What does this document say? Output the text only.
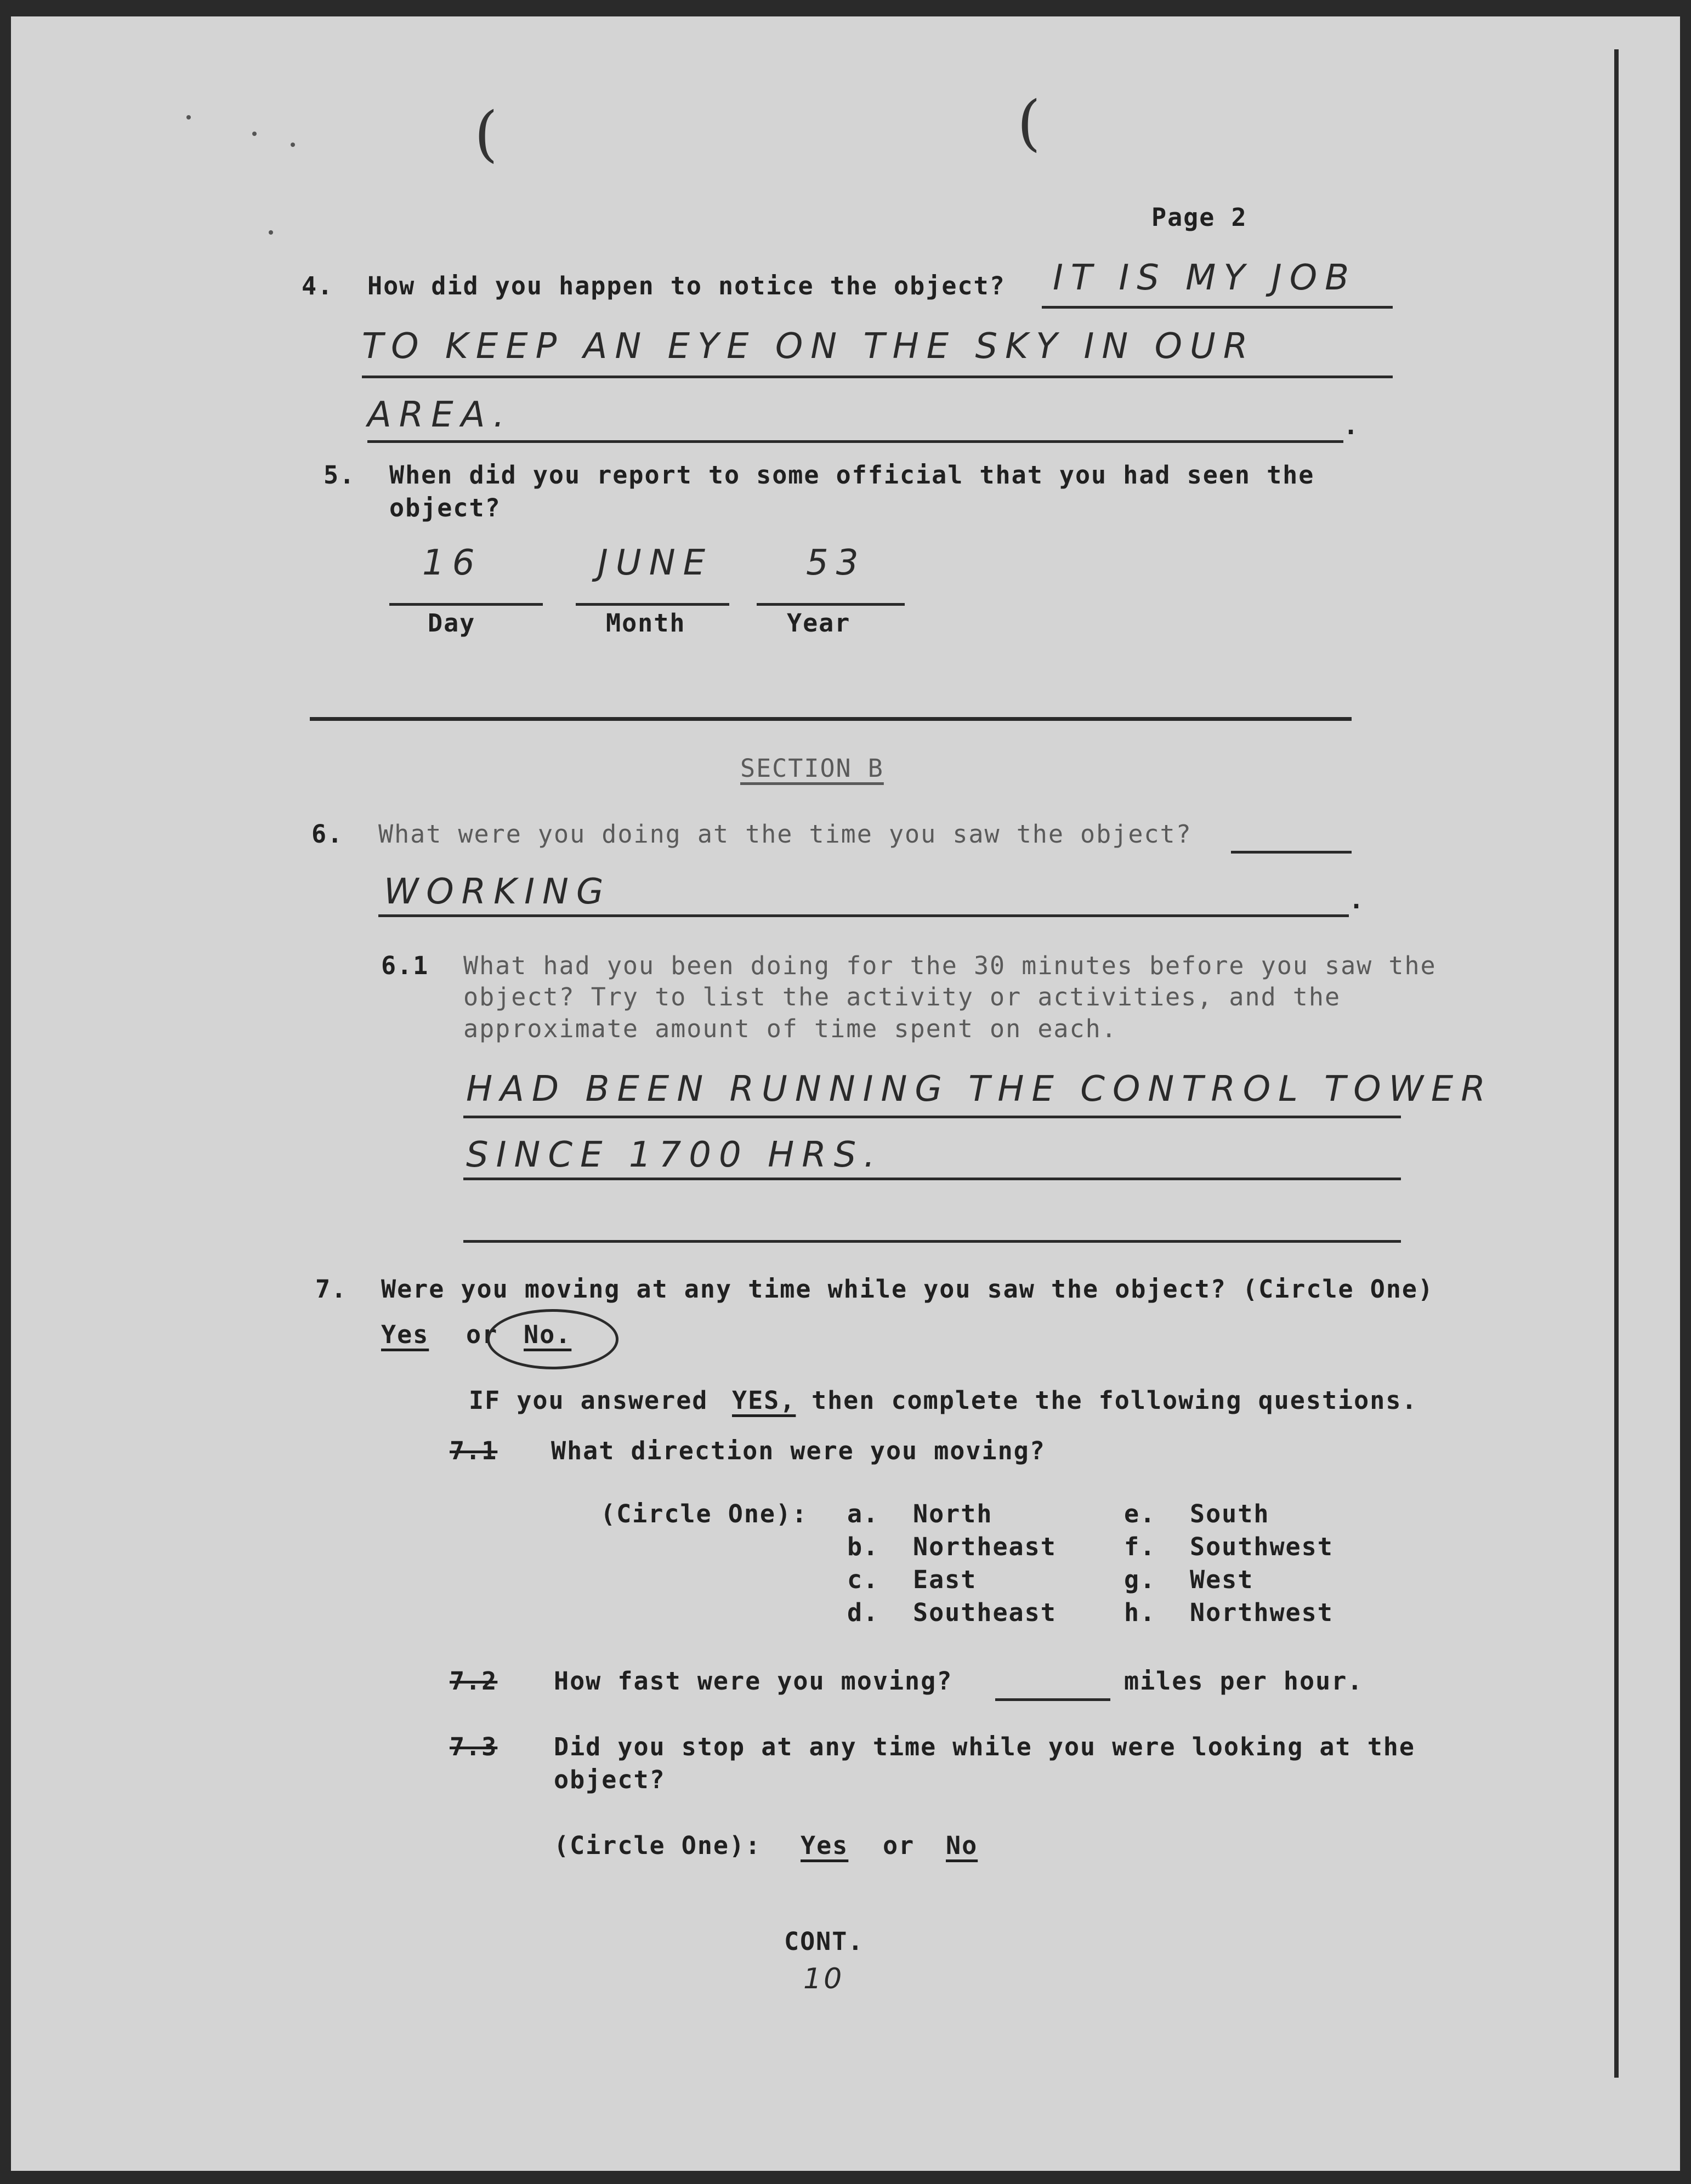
(	(
Page 2
4. How did you happen to notice the object? IT IS MY JOB
TO KEEP AN EYE ON THE SKY IN OUR
AREA.	.
5. When did you report to some official that you had seen the
object?
16	JUNE	53
Day	Month	Year
SECTION B
6. What were you doing at the time you saw the object?
WORKING	.
6.1 What had you been doing for the 30 minutes before you saw the
object? Try to list the activity or activities, and the
approximate amount of time spent on each.
HAD BEEN RUNNING THE CONTROL TOWER
SINCE 1700 HRS.
7. Were you moving at any time while you saw the object? (Circle One)
Yes or No.
IF you answered YES, then complete the following questions.
7.1 What direction were you moving?
(Circle One): a. North	e. South
b. Northeast	f. Southwest
c. East	g. West
d. Southeast	h. Northwest
7.2 How fast were you moving?	miles per hour.
7.3 Did you stop at any time while you were looking at the
object?
(Circle One): Yes or No
CONT.
10
